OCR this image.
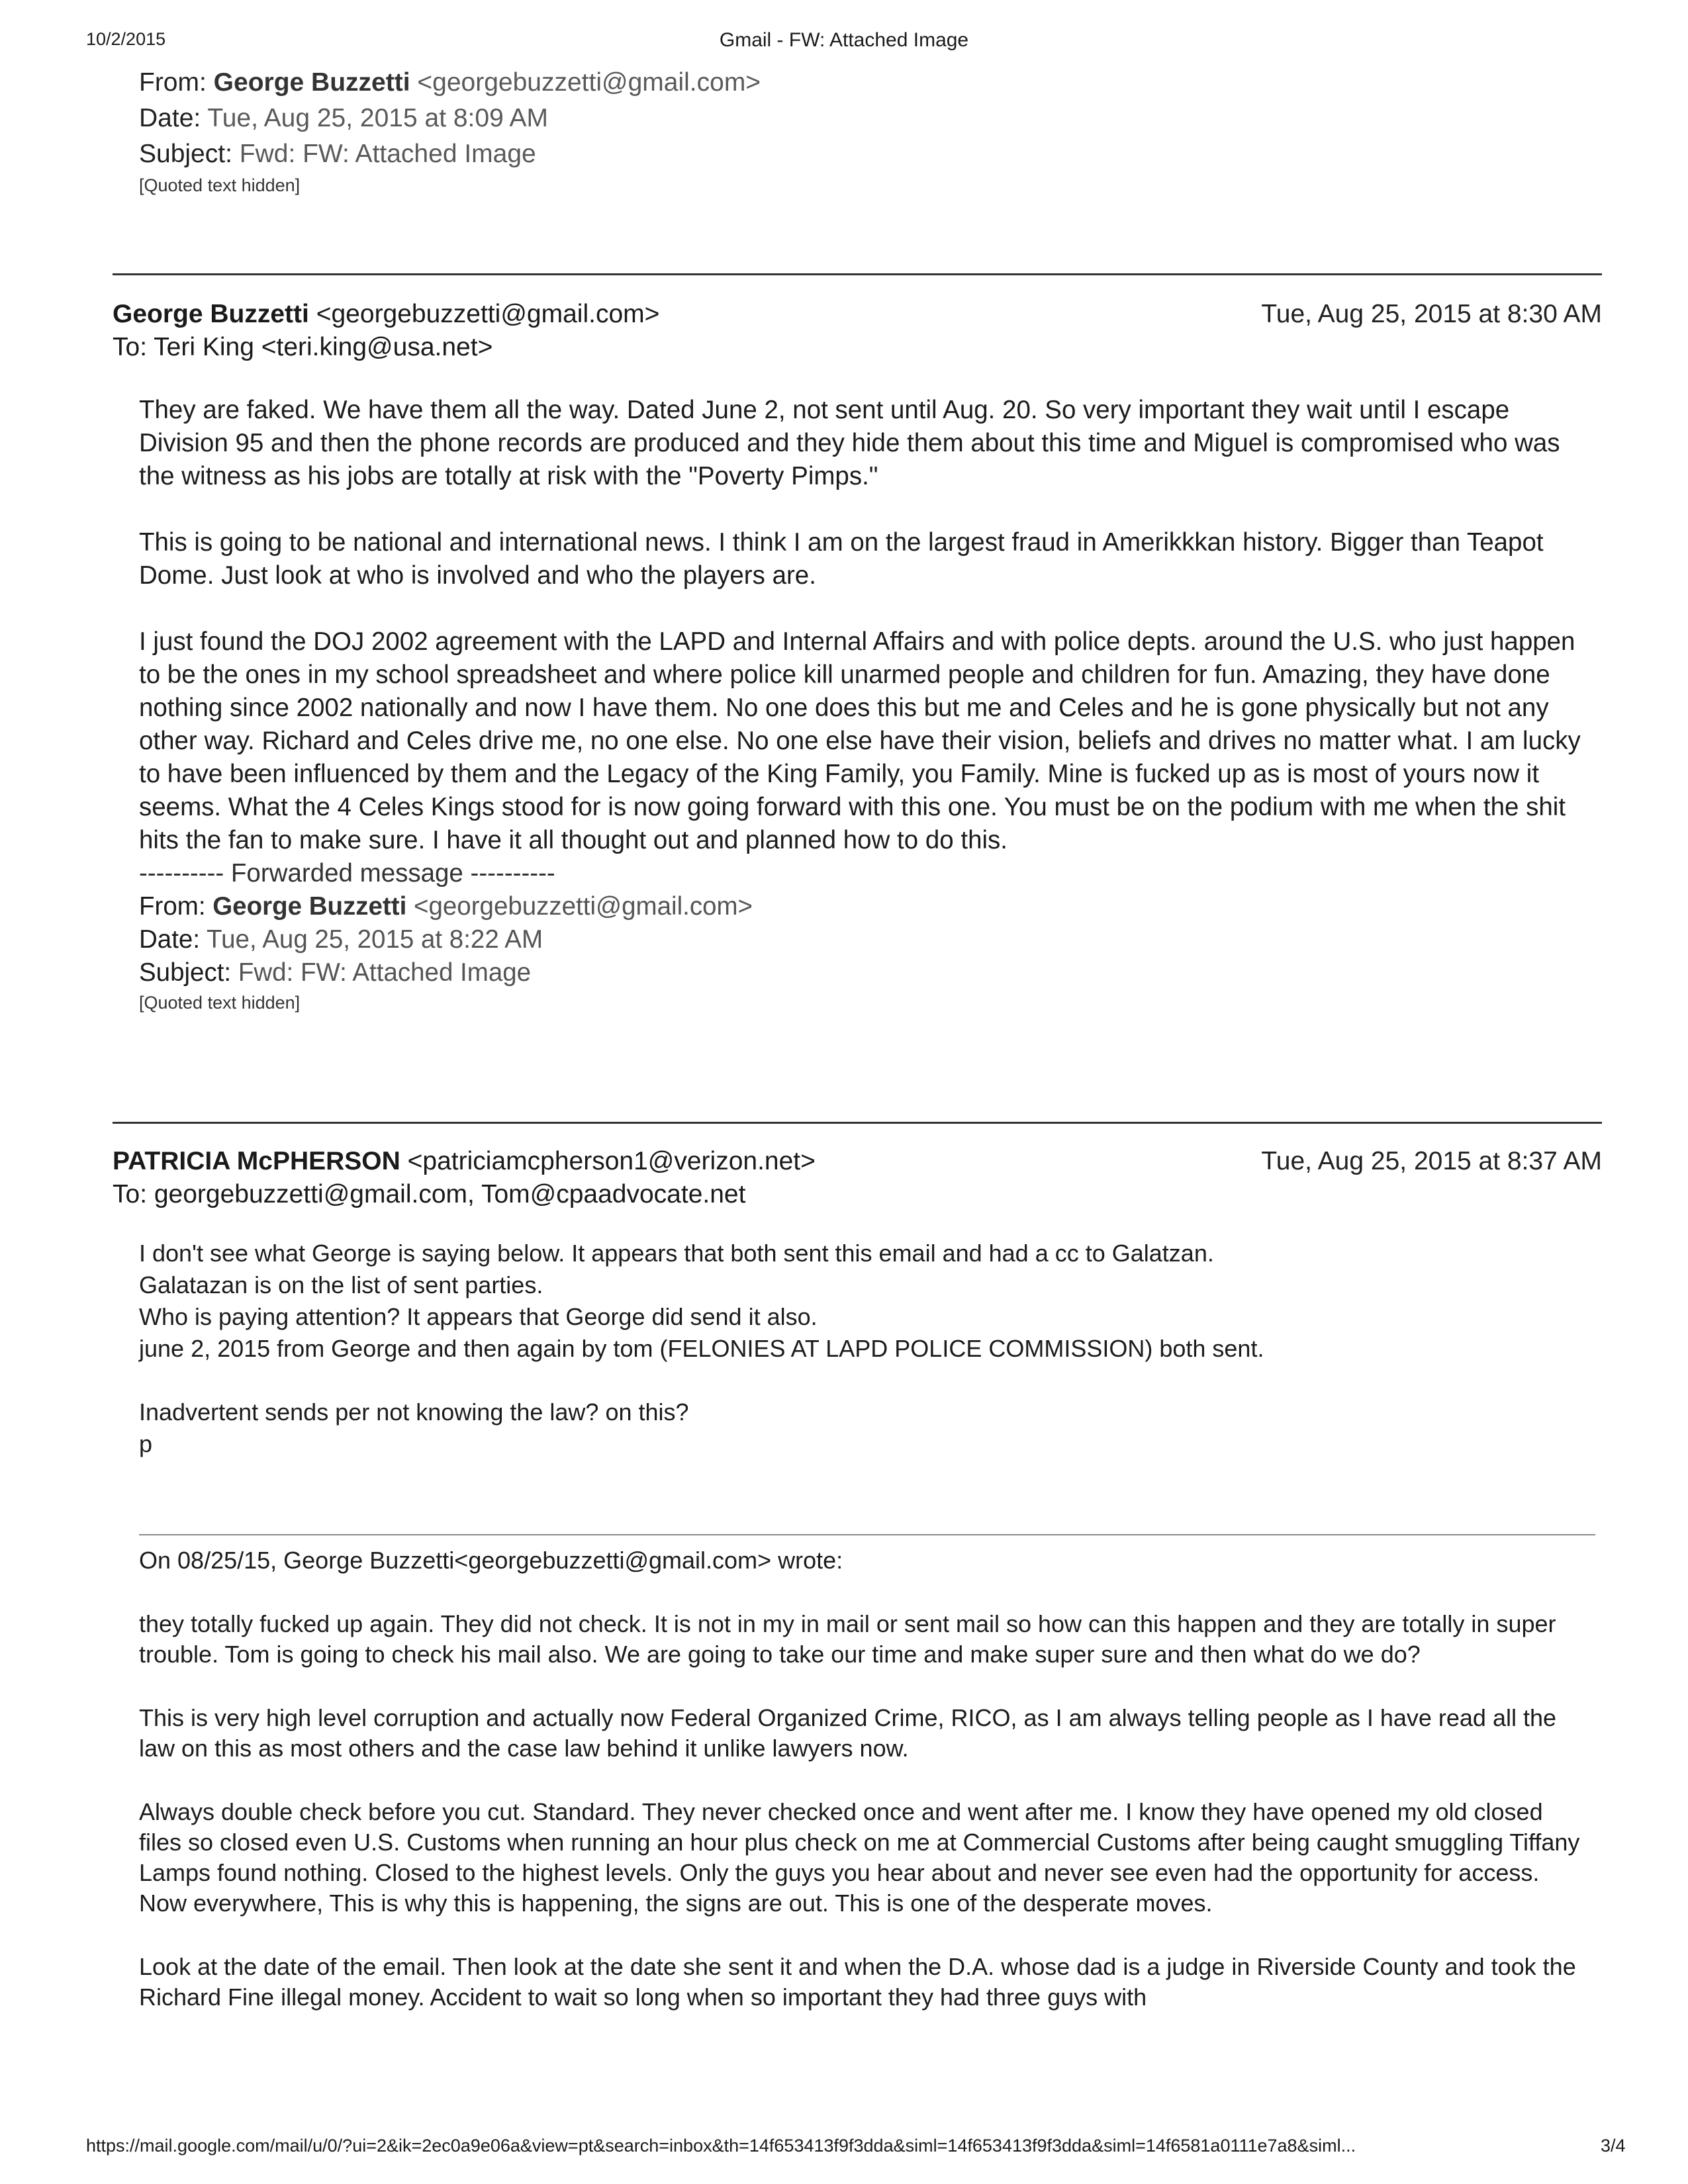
10/2/2015	Gmail - FW: Attached Image
From: George Buzzetti <georgebuzzetti@gmail.com>
Date: Tue, Aug 25, 2015 at 8:09 AM
Subject: Fwd: FW: Attached Image
[Quoted text hidden]
George Buzzetti <georgebuzzetti@gmail.com>	Tue, Aug 25, 2015 at 8:30 AM
To: Teri King <teri.king@usa.net>

They are faked. We have them all the way. Dated June 2, not sent until Aug. 20. So very important they wait until I escape Division 95 and then the phone records are produced and they hide them about this time and Miguel is compromised who was the witness as his jobs are totally at risk with the "Poverty Pimps."

This is going to be national and international news. I think I am on the largest fraud in Amerikkkan history. Bigger than Teapot Dome. Just look at who is involved and who the players are.

I just found the DOJ 2002 agreement with the LAPD and Internal Affairs and with police depts. around the U.S. who just happen to be the ones in my school spreadsheet and where police kill unarmed people and children for fun. Amazing, they have done nothing since 2002 nationally and now I have them. No one does this but me and Celes and he is gone physically but not any other way. Richard and Celes drive me, no one else. No one else have their vision, beliefs and drives no matter what. I am lucky to have been influenced by them and the Legacy of the King Family, you Family. Mine is fucked up as is most of yours now it seems. What the 4 Celes Kings stood for is now going forward with this one. You must be on the podium with me when the shit hits the fan to make sure. I have it all thought out and planned how to do this.

---------- Forwarded message ----------
From: George Buzzetti <georgebuzzetti@gmail.com>
Date: Tue, Aug 25, 2015 at 8:22 AM
Subject: Fwd: FW: Attached Image
[Quoted text hidden]
PATRICIA McPHERSON <patriciamcpherson1@verizon.net>	Tue, Aug 25, 2015 at 8:37 AM
To: georgebuzzetti@gmail.com, Tom@cpaadvocate.net
I don't see what George is saying below. It appears that both sent this email and had a cc to Galatzan.
Galatazan is on the list of sent parties.
Who is paying attention? It appears that George did send it also.
june 2, 2015 from George and then again by tom (FELONIES AT LAPD POLICE COMMISSION) both sent.
Inadvertent sends per not knowing the law? on this?
p

On 08/25/15, George Buzzetti<georgebuzzetti@gmail.com> wrote:

they totally fucked up again. They did not check. It is not in my in mail or sent mail so how can this happen and they are totally in super trouble. Tom is going to check his mail also. We are going to take our time and make super sure and then what do we do?

This is very high level corruption and actually now Federal Organized Crime, RICO, as I am always telling people as I have read all the law on this as most others and the case law behind it unlike lawyers now.

Always double check before you cut. Standard. They never checked once and went after me. I know they have opened my old closed files so closed even U.S. Customs when running an hour plus check on me at Commercial Customs after being caught smuggling Tiffany Lamps found nothing. Closed to the highest levels. Only the guys you hear about and never see even had the opportunity for access. Now everywhere, This is why this is happening, the signs are out. This is one of the desperate moves.

Look at the date of the email. Then look at the date she sent it and when the D.A. whose dad is a judge in Riverside County and took the Richard Fine illegal money. Accident to wait so long when so important they had three guys with

https://mail.google.com/mail/u/0/?ui=2&ik=2ec0a9e06a&view=pt&search=inbox&th=14f653413f9f3dda&siml=14f653413f9f3dda&siml=14f6581a0111e7a8&siml...	3/4
